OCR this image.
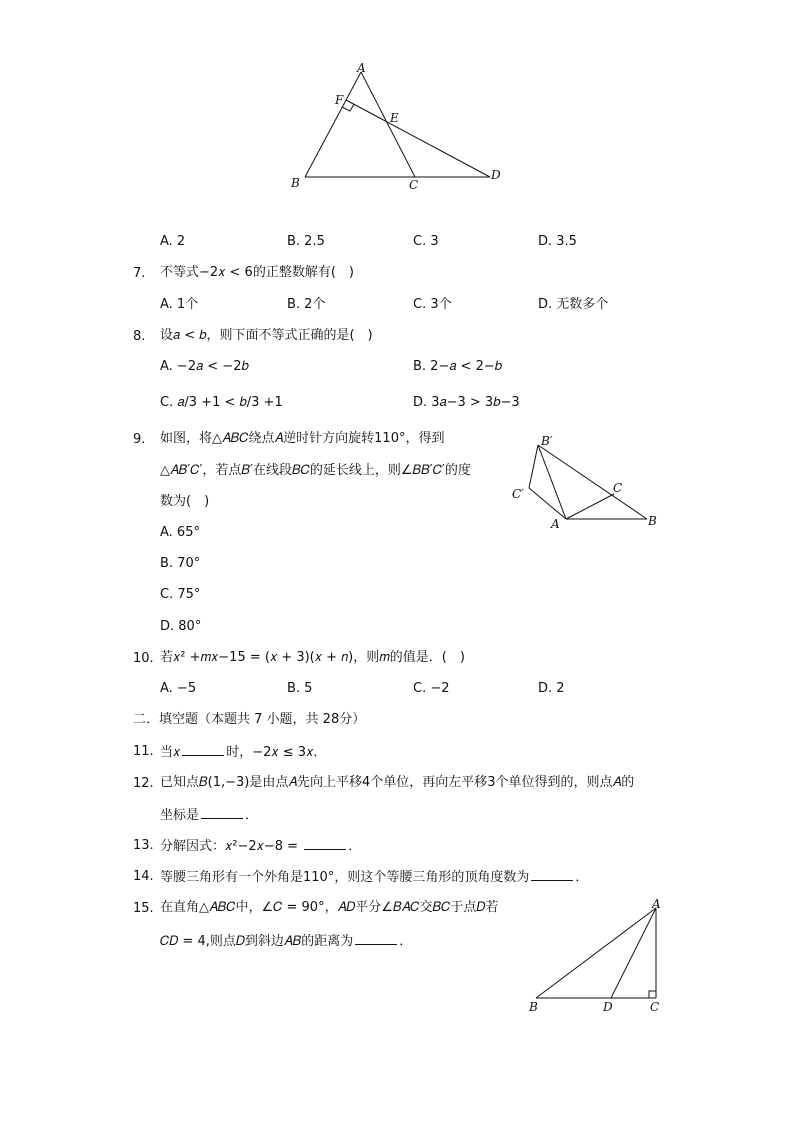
A
B	C
D
E
F
A. 2	B. 2.5	C. 3	D. 3.5
7.	不等式−2𝑥 < 6的正整数解有(　)
A. 1个	B. 2个	C. 3个	D. 无数多个
8.	设𝑎 < 𝑏，则下面不等式正确的是(　)
A. −2𝑎 < −2𝑏	B. 2−𝑎 < 2−𝑏
C. 𝑎/3 +1 < 𝑏/3 +1	D. 3𝑎−3 > 3𝑏−3
9.	如图，将△𝐴𝐵𝐶绕点𝐴逆时针方向旋转110°，得到
△𝐴𝐵′𝐶′，若点𝐵′在线段𝐵𝐶的延长线上，则∠𝐵𝐵′𝐶′的度
数为(　)
A. 65°
B. 70°
C. 75°
D. 80°
B′
C′	C
A	B
10. 若𝑥² +𝑚𝑥−15 = (𝑥 + 3)(𝑥 + 𝑛)，则𝑚的值是．(　)
A. −5	B. 5	C. −2	D. 2
二．填空题（本题共 7 小题，共 28分）
11. 当𝑥	时，−2𝑥 ≤ 3𝑥．
12. 已知点𝐵(1,−3)是由点𝐴先向上平移4个单位，再向左平移3个单位得到的，则点𝐴的
坐标是	．
13. 分解因式：𝑥²−2𝑥−8 =	．
14. 等腰三角形有一个外角是110°，则这个等腰三角形的顶角度数为	．
15. 在直角△𝐴𝐵𝐶中，∠𝐶 = 90°，𝐴𝐷平分∠𝐵𝐴𝐶交𝐵𝐶于点𝐷若
𝐶𝐷 = 4,则点𝐷到斜边𝐴𝐵的距离为	．
A
B	D	C
